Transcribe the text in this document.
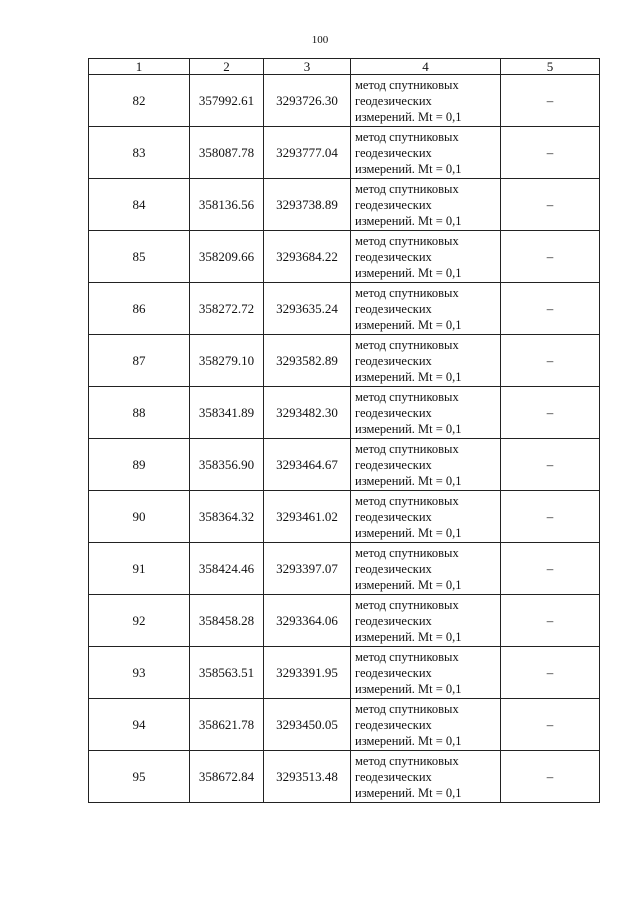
100
1	2	3	4	5
82	357992.61	3293726.30	метод спутниковых
геодезических
измерений. Mt = 0,1	–
83	358087.78	3293777.04	метод спутниковых
геодезических
измерений. Mt = 0,1	–
84	358136.56	3293738.89	метод спутниковых
геодезических
измерений. Mt = 0,1	–
85	358209.66	3293684.22	метод спутниковых
геодезических
измерений. Mt = 0,1	–
86	358272.72	3293635.24	метод спутниковых
геодезических
измерений. Mt = 0,1	–
87	358279.10	3293582.89	метод спутниковых
геодезических
измерений. Mt = 0,1	–
88	358341.89	3293482.30	метод спутниковых
геодезических
измерений. Mt = 0,1	–
89	358356.90	3293464.67	метод спутниковых
геодезических
измерений. Mt = 0,1	–
90	358364.32	3293461.02	метод спутниковых
геодезических
измерений. Mt = 0,1	–
91	358424.46	3293397.07	метод спутниковых
геодезических
измерений. Mt = 0,1	–
92	358458.28	3293364.06	метод спутниковых
геодезических
измерений. Mt = 0,1	–
93	358563.51	3293391.95	метод спутниковых
геодезических
измерений. Mt = 0,1	–
94	358621.78	3293450.05	метод спутниковых
геодезических
измерений. Mt = 0,1	–
95	358672.84	3293513.48	метод спутниковых
геодезических
измерений. Mt = 0,1	–
